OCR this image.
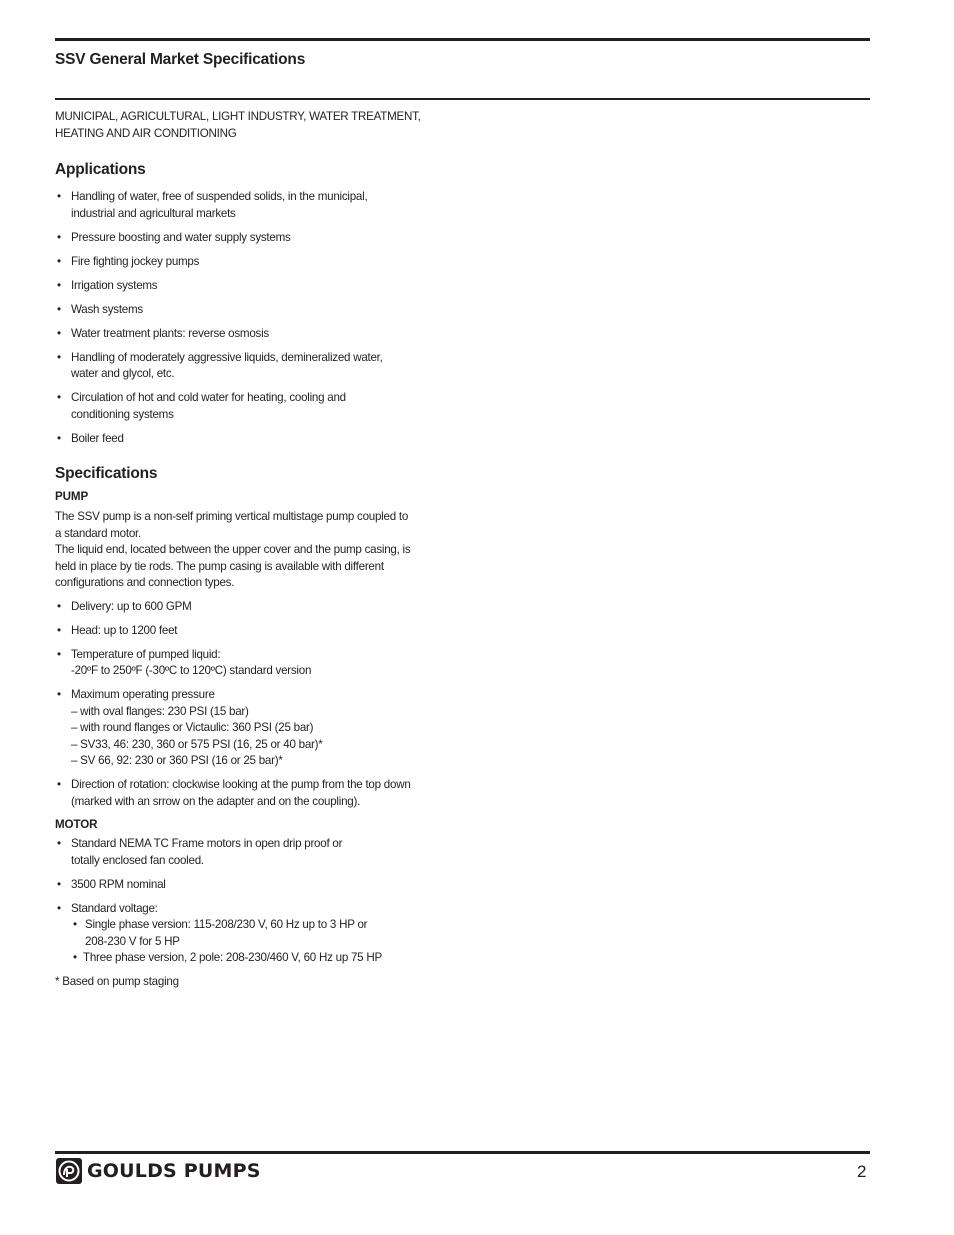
SSV General Market Specifications

MUNICIPAL, AGRICULTURAL, LIGHT INDUSTRY, WATER TREATMENT,
HEATING AND AIR CONDITIONING

Applications
• Handling of water, free of suspended solids, in the municipal,
industrial and agricultural markets
• Pressure boosting and water supply systems
• Fire fighting jockey pumps
• Irrigation systems
• Wash systems
• Water treatment plants: reverse osmosis
• Handling of moderately aggressive liquids, demineralized water,
water and glycol, etc.
• Circulation of hot and cold water for heating, cooling and
conditioning systems
• Boiler feed
Specifications
PUMP

The SSV pump is a non-self priming vertical multistage pump coupled to
a standard motor.
The liquid end, located between the upper cover and the pump casing, is
held in place by tie rods. The pump casing is available with different
configurations and connection types.

• Delivery: up to 600 GPM
• Head: up to 1200 feet
• Temperature of pumped liquid:
-20ºF to 250ºF (-30ºC to 120ºC) standard version
• Maximum operating pressure
– with oval flanges: 230 PSI (15 bar)
– with round flanges or Victaulic: 360 PSI (25 bar)
– SV33, 46: 230, 360 or 575 PSI (16, 25 or 40 bar)*
– SV 66, 92: 230 or 360 PSI (16 or 25 bar)*
• Direction of rotation: clockwise looking at the pump from the top down
(marked with an srrow on the adapter and on the coupling).
MOTOR
• Standard NEMA TC Frame motors in open drip proof or
totally enclosed fan cooled.
• 3500 RPM nominal
• Standard voltage:
• Single phase version: 115-208/230 V, 60 Hz up to 3 HP or
208-230 V for 5 HP
• Three phase version, 2 pole: 208-230/460 V, 60 Hz up 75 HP

* Based on pump staging

GOULDS PUMPS	2
